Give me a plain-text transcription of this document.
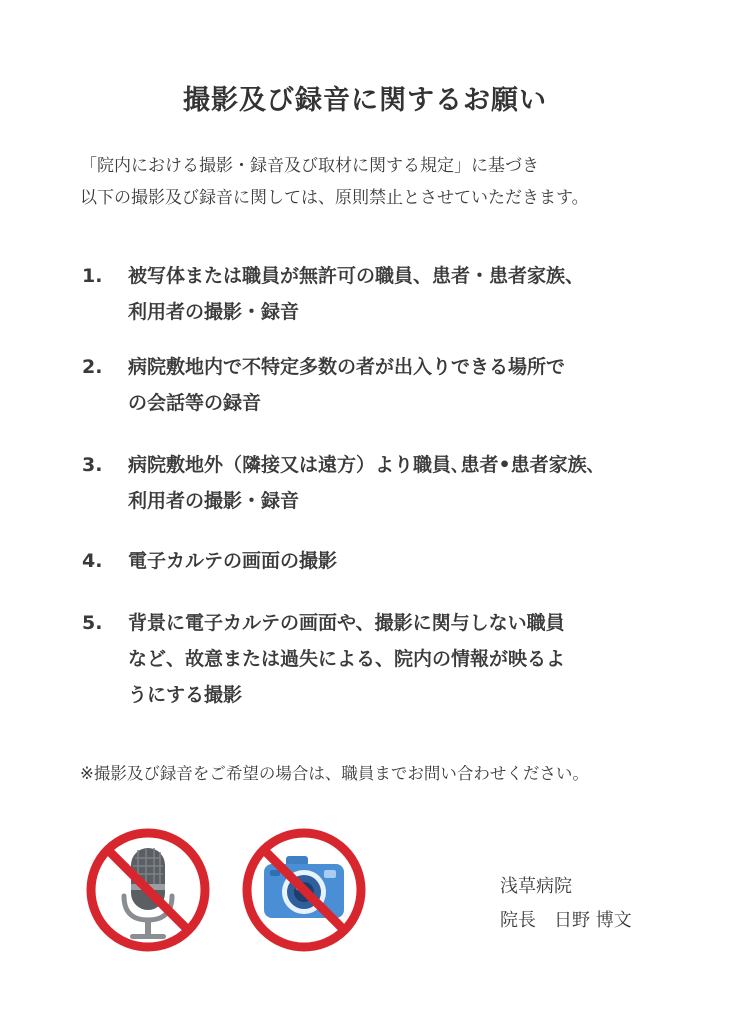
撮影及び録音に関するお願い
「院内における撮影・録音及び取材に関する規定」に基づき
以下の撮影及び録音に関しては、原則禁止とさせていただきます。
1.	被写体または職員が無許可の職員、患者・患者家族、
利用者の撮影・録音
2.	病院敷地内で不特定多数の者が出入りできる場所で
の会話等の録音
3.	病院敷地外（隣接又は遠方）より職員､患者•患者家族､
利用者の撮影・録音
4.	電子カルテの画面の撮影
5.	背景に電子カルテの画面や、撮影に関与しない職員
など、故意または過失による、院内の情報が映るよ
うにする撮影
※撮影及び録音をご希望の場合は、職員までお問い合わせください。
浅草病院
院長　日野 博文
